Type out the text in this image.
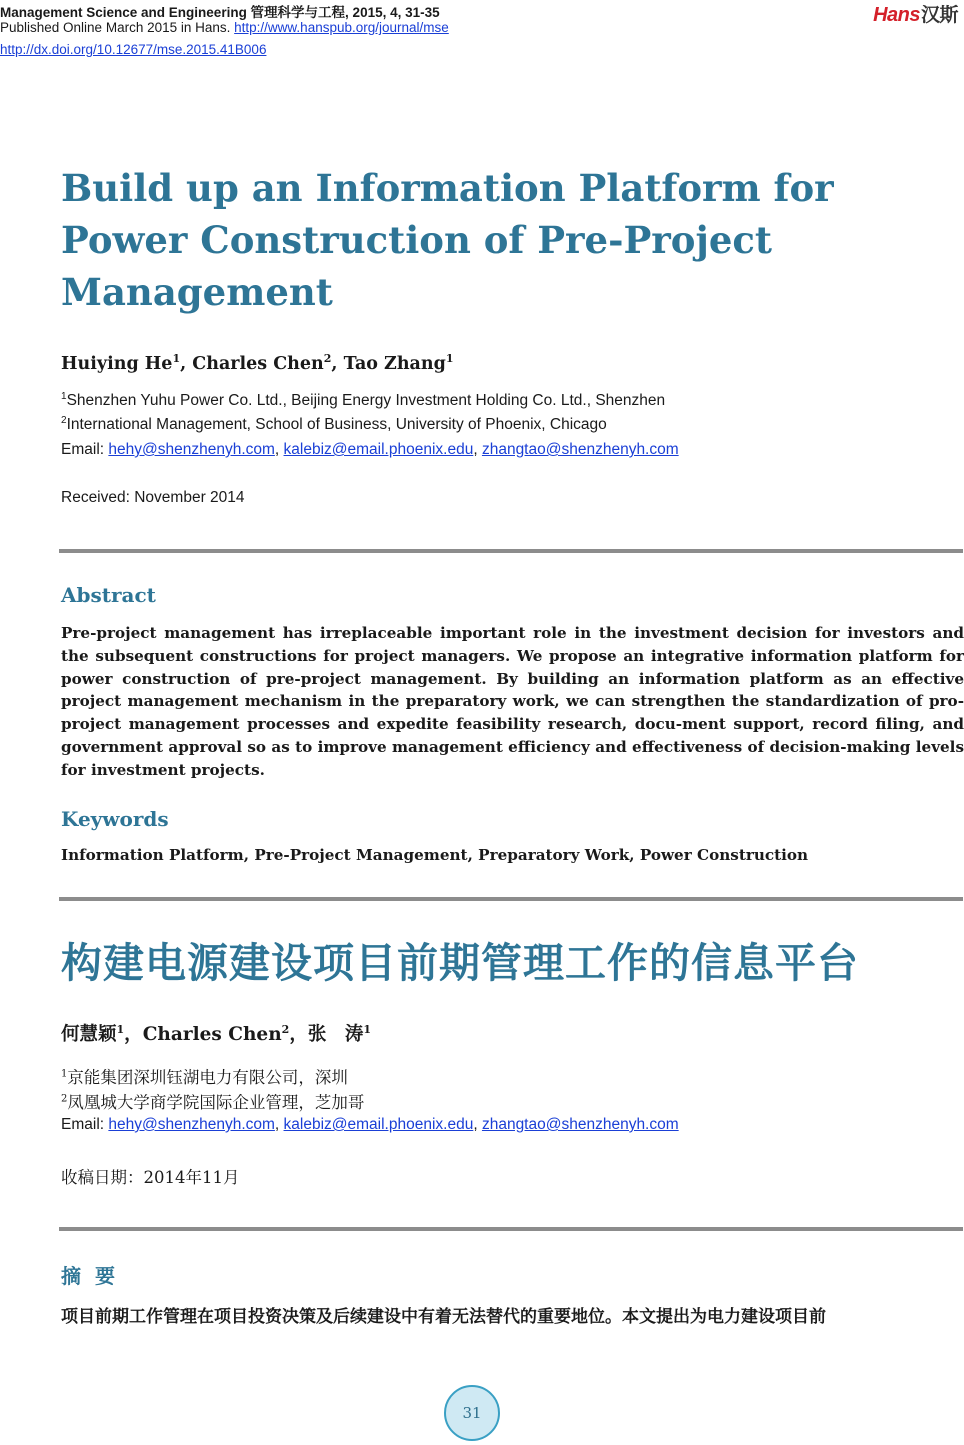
Management Science and Engineering 管理科学与工程, 2015, 4, 31-35
Published Online March 2015 in Hans. http://www.hanspub.org/journal/mse
http://dx.doi.org/10.12677/mse.2015.41B006
Hans汉斯
Build up an Information Platform for Power Construction of Pre-Project Management
Huiying He$^1$, Charles Chen$^2$, Tao Zhang$^1$
$^1$Shenzhen Yuhu Power Co. Ltd., Beijing Energy Investment Holding Co. Ltd., Shenzhen
$^2$International Management, School of Business, University of Phoenix, Chicago
Email: hehy@shenzhenyh.com, kalebiz@email.phoenix.edu, zhangtao@shenzhenyh.com
Received: November 2014
Abstract

Pre-project management has irreplaceable important role in the investment decision for investors and the subsequent constructions for project managers. We propose an integrative information platform for power construction of pre-project management. By building an information platform as an effective project management mechanism in the preparatory work, we can strengthen the standardization of pro-project management processes and expedite feasibility research, docu-ment support, record filing, and government approval so as to improve management efficiency and effectiveness of decision-making levels for investment projects.

Keywords
Information Platform, Pre-Project Management, Preparatory Work, Power Construction
构建电源建设项目前期管理工作的信息平台
何慧颖$^1$，Charles Chen$^2$，张　涛$^1$
$^1$京能集团深圳钰湖电力有限公司，深圳
$^2$凤凰城大学商学院国际企业管理，芝加哥
Email: hehy@shenzhenyh.com, kalebiz@email.phoenix.edu, zhangtao@shenzhenyh.com
收稿日期：2014年11月
摘要
项目前期工作管理在项目投资决策及后续建设中有着无法替代的重要地位。本文提出为电力建设项目前
31
